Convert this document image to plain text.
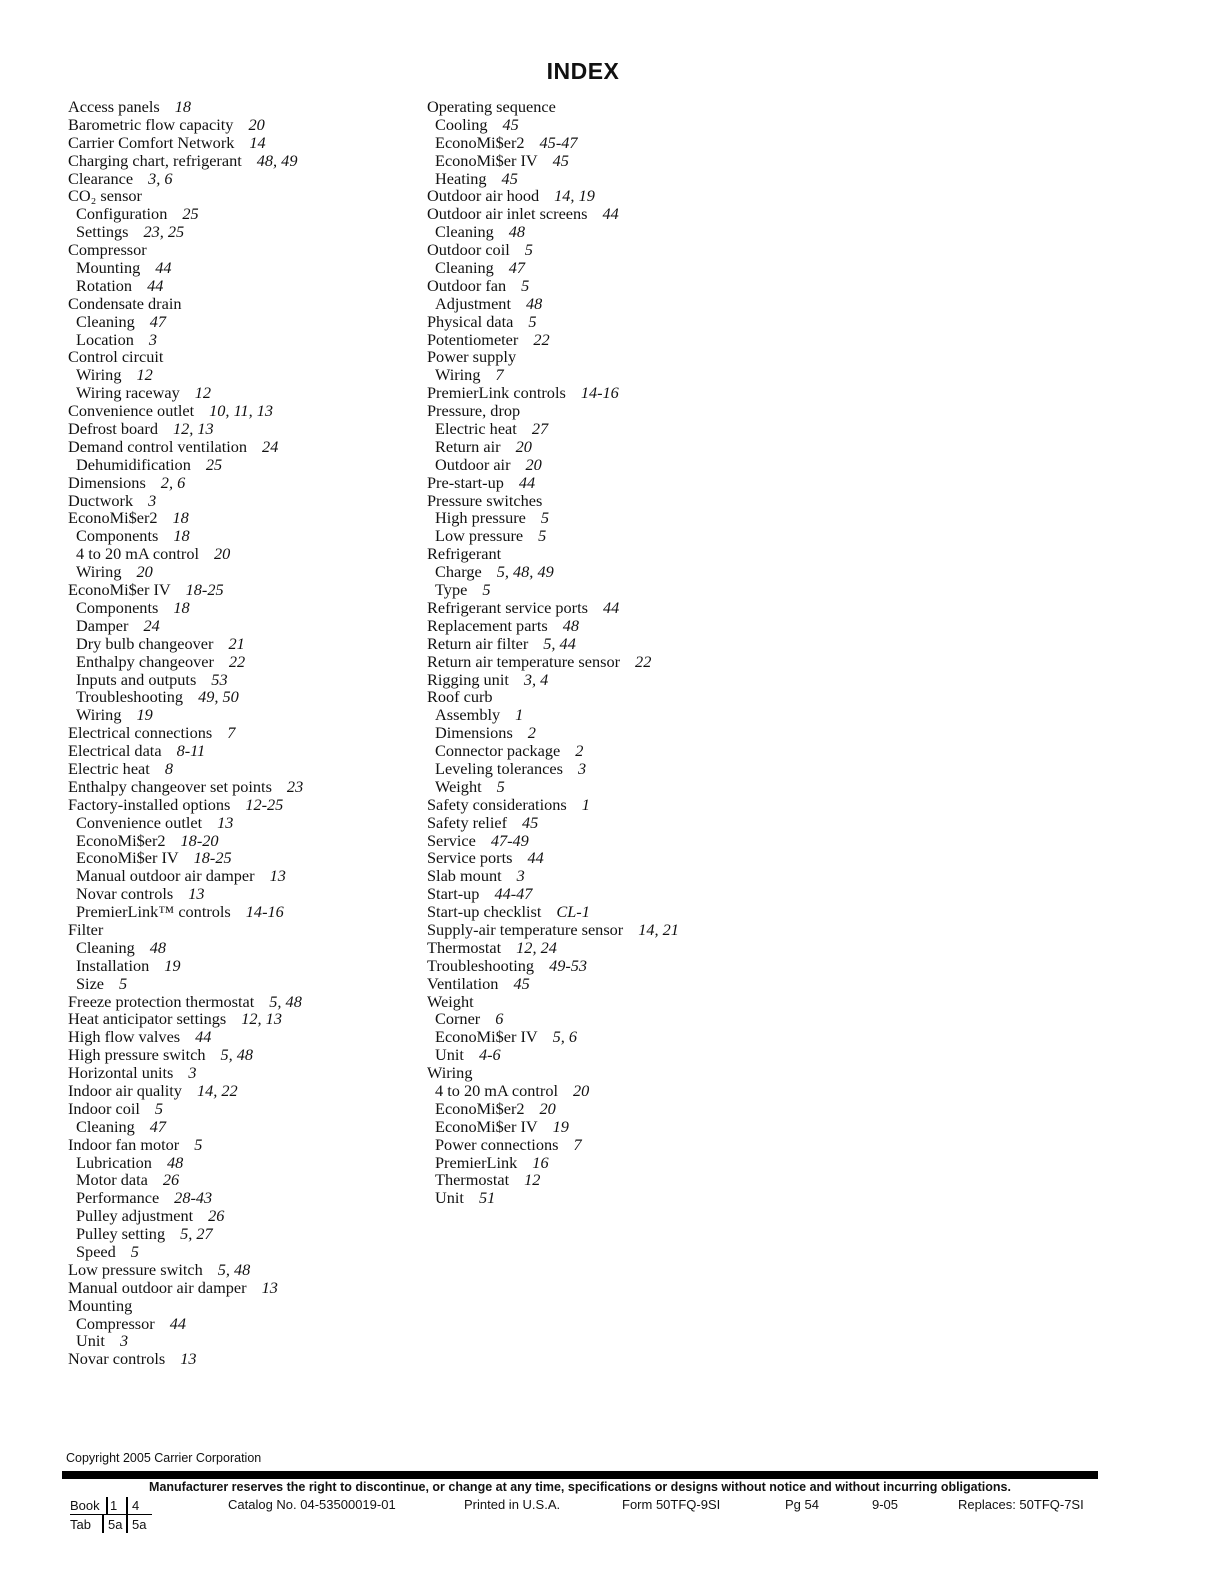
INDEX
Access panels 18
Barometric flow capacity 20
Carrier Comfort Network 14
Charging chart, refrigerant 48, 49
Clearance 3, 6
CO₂ sensor
Configuration 25
Settings 23, 25
Compressor
Mounting 44
Rotation 44
Condensate drain
Cleaning 47
Location 3
Control circuit
Wiring 12
Wiring raceway 12
Convenience outlet 10, 11, 13
Defrost board 12, 13
Demand control ventilation 24
Dehumidification 25
Dimensions 2, 6
Ductwork 3
EconoMi$er2 18
Components 18
4 to 20 mA control 20
Wiring 20
EconoMi$er IV 18-25
Components 18
Damper 24
Dry bulb changeover 21
Enthalpy changeover 22
Inputs and outputs 53
Troubleshooting 49, 50
Wiring 19
Electrical connections 7
Electrical data 8-11
Electric heat 8
Enthalpy changeover set points 23
Factory-installed options 12-25
Convenience outlet 13
EconoMi$er2 18-20
EconoMi$er IV 18-25
Manual outdoor air damper 13
Novar controls 13
PremierLink™ controls 14-16
Filter
Cleaning 48
Installation 19
Size 5
Freeze protection thermostat 5, 48
Heat anticipator settings 12, 13
High flow valves 44
High pressure switch 5, 48
Horizontal units 3
Indoor air quality 14, 22
Indoor coil 5
Cleaning 47
Indoor fan motor 5
Lubrication 48
Motor data 26
Performance 28-43
Pulley adjustment 26
Pulley setting 5, 27
Speed 5
Low pressure switch 5, 48
Manual outdoor air damper 13
Mounting
Compressor 44
Unit 3
Novar controls 13
Operating sequence
Cooling 45
EconoMi$er2 45-47
EconoMi$er IV 45
Heating 45
Outdoor air hood 14, 19
Outdoor air inlet screens 44
Cleaning 48
Outdoor coil 5
Cleaning 47
Outdoor fan 5
Adjustment 48
Physical data 5
Potentiometer 22
Power supply
Wiring 7
PremierLink controls 14-16
Pressure, drop
Electric heat 27
Return air 20
Outdoor air 20
Pre-start-up 44
Pressure switches
High pressure 5
Low pressure 5
Refrigerant
Charge 5, 48, 49
Type 5
Refrigerant service ports 44
Replacement parts 48
Return air filter 5, 44
Return air temperature sensor 22
Rigging unit 3, 4
Roof curb
Assembly 1
Dimensions 2
Connector package 2
Leveling tolerances 3
Weight 5
Safety considerations 1
Safety relief 45
Service 47-49
Service ports 44
Slab mount 3
Start-up 44-47
Start-up checklist CL-1
Supply-air temperature sensor 14, 21
Thermostat 12, 24
Troubleshooting 49-53
Ventilation 45
Weight
Corner 6
EconoMi$er IV 5, 6
Unit 4-6
Wiring
4 to 20 mA control 20
EconoMi$er2 20
EconoMi$er IV 19
Power connections 7
PremierLink 16
Thermostat 12
Unit 51
Copyright 2005 Carrier Corporation
Manufacturer reserves the right to discontinue, or change at any time, specifications or designs without notice and without incurring obligations.
Book 1 4
Tab 5a 5a
Catalog No. 04-53500019-01	Printed in U.S.A.	Form 50TFQ-9SI	Pg 54	9-05	Replaces: 50TFQ-7SI
